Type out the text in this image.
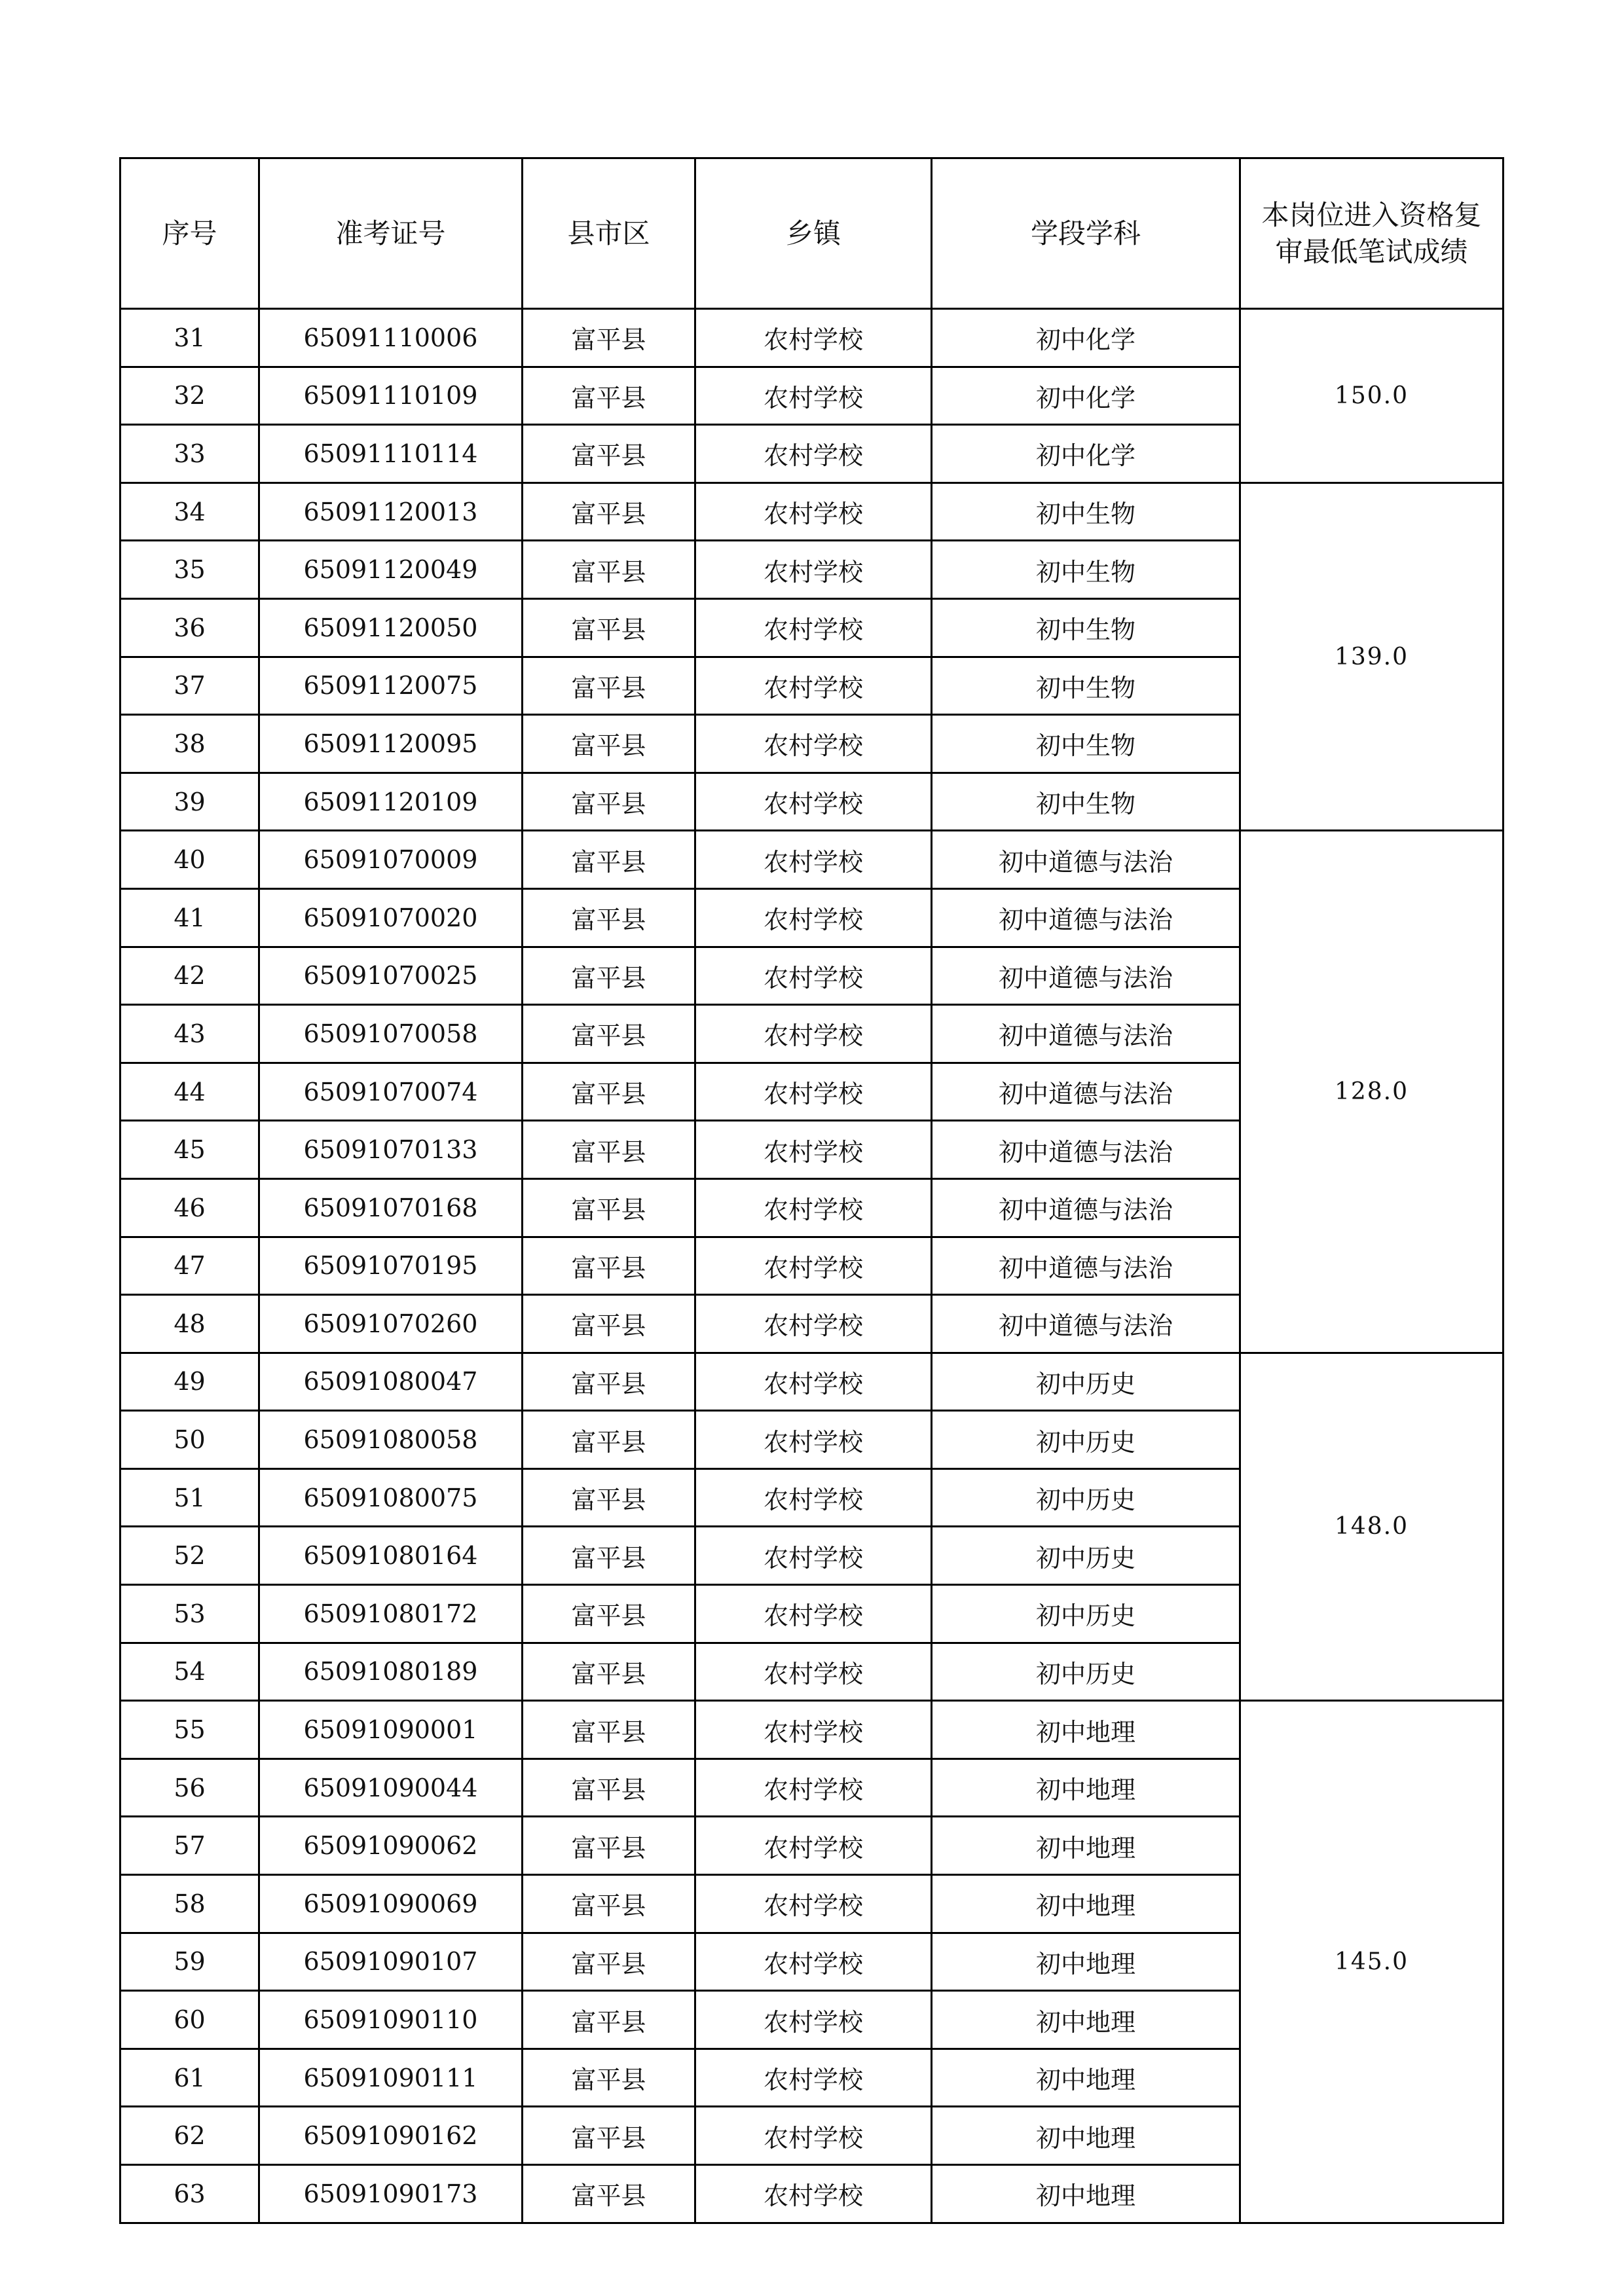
序号	准考证号	县市区	乡镇	学段学科	本岗位进入资格复审最低笔试成绩
31	65091110006	富平县	农村学校	初中化学	150.0
32	65091110109	富平县	农村学校	初中化学	
33	65091110114	富平县	农村学校	初中化学	
34	65091120013	富平县	农村学校	初中生物	139.0
35	65091120049	富平县	农村学校	初中生物	
36	65091120050	富平县	农村学校	初中生物	
37	65091120075	富平县	农村学校	初中生物	
38	65091120095	富平县	农村学校	初中生物	
39	65091120109	富平县	农村学校	初中生物	
40	65091070009	富平县	农村学校	初中道德与法治	128.0
41	65091070020	富平县	农村学校	初中道德与法治	
42	65091070025	富平县	农村学校	初中道德与法治	
43	65091070058	富平县	农村学校	初中道德与法治	
44	65091070074	富平县	农村学校	初中道德与法治	
45	65091070133	富平县	农村学校	初中道德与法治	
46	65091070168	富平县	农村学校	初中道德与法治	
47	65091070195	富平县	农村学校	初中道德与法治	
48	65091070260	富平县	农村学校	初中道德与法治	
49	65091080047	富平县	农村学校	初中历史	148.0
50	65091080058	富平县	农村学校	初中历史	
51	65091080075	富平县	农村学校	初中历史	
52	65091080164	富平县	农村学校	初中历史	
53	65091080172	富平县	农村学校	初中历史	
54	65091080189	富平县	农村学校	初中历史	
55	65091090001	富平县	农村学校	初中地理	145.0
56	65091090044	富平县	农村学校	初中地理	
57	65091090062	富平县	农村学校	初中地理	
58	65091090069	富平县	农村学校	初中地理	
59	65091090107	富平县	农村学校	初中地理	
60	65091090110	富平县	农村学校	初中地理	
61	65091090111	富平县	农村学校	初中地理	
62	65091090162	富平县	农村学校	初中地理	
63	65091090173	富平县	农村学校	初中地理	
